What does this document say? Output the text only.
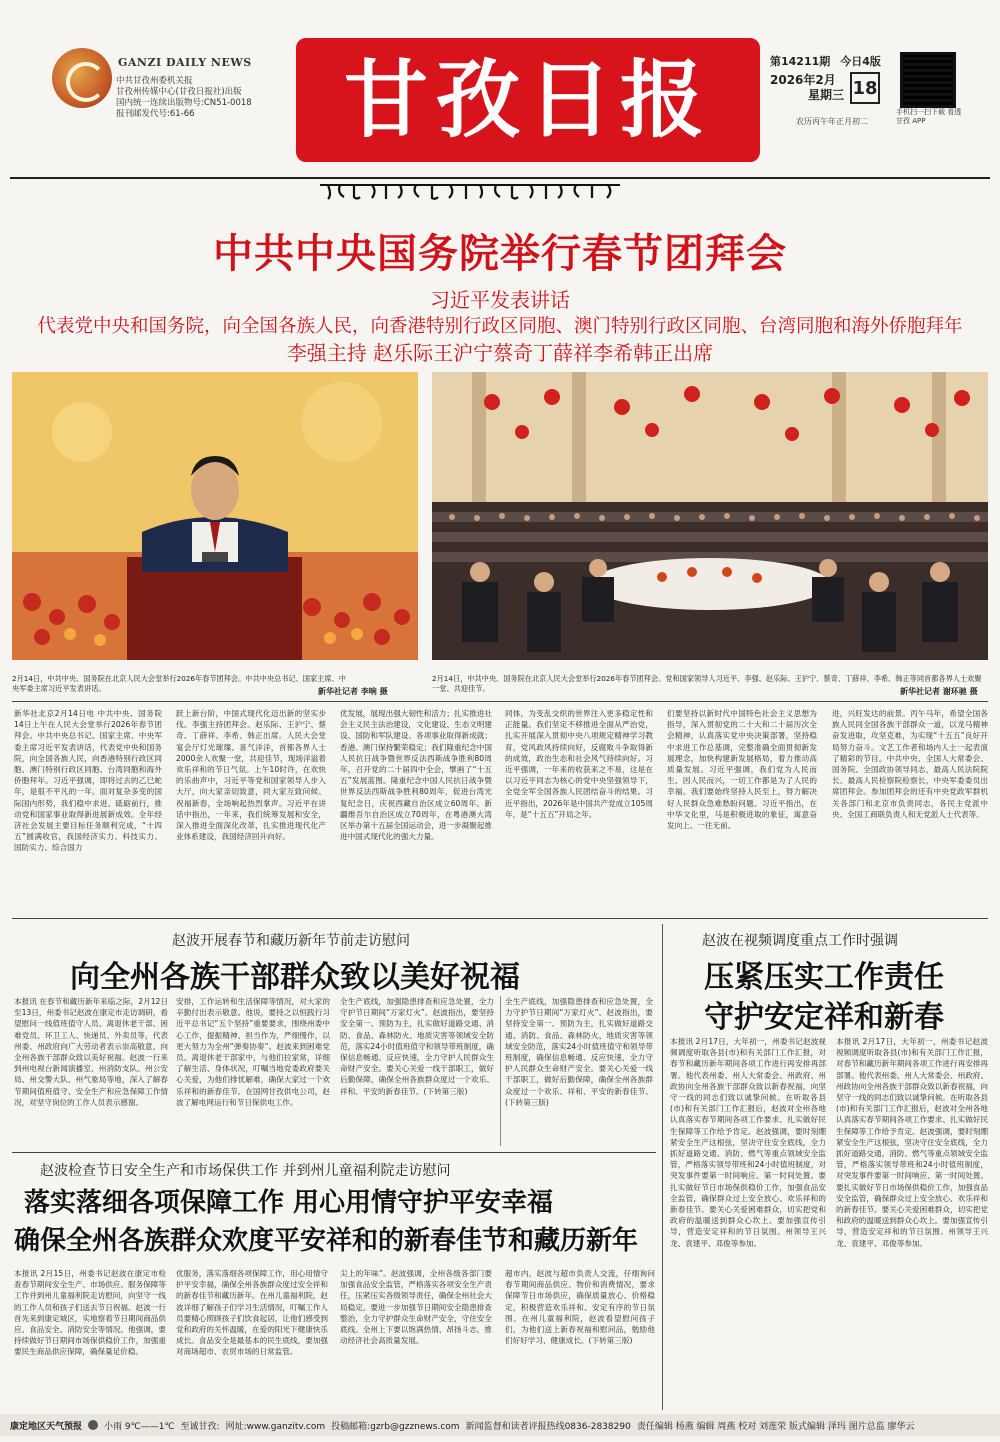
GANZI DAILY NEWS
中共甘孜州委机关报
甘孜州传媒中心(甘孜日报社)出版
国内统一连续出版物号:CN51-0018
报刊邮发代号:61-66	甘孜日报	第14211期 今日4版
2026年2月
星期三 18
农历丙午年正月初二
手机扫一扫下载 看透甘孜 APP
中共中央国务院举行春节团拜会
习近平发表讲话
代表党中央和国务院，向全国各族人民，向香港特别行政区同胞、澳门特别行政区同胞、台湾同胞和海外侨胞拜年
李强主持 赵乐际王沪宁蔡奇丁薛祥李希韩正出席
2月14日，中共中央、国务院在北京人民大会堂举行2026年春节团拜会。中共中央总书记、国家主席、中央军委主席习近平发表讲话。	新华社记者 李响 摄
2月14日，中共中央、国务院在北京人民大会堂举行2026年春节团拜会。党和国家领导人习近平、李强、赵乐际、王沪宁、蔡奇、丁薛祥、李希、韩正等同首都各界人士欢聚一堂、共迎佳节。	新华社记者 谢环驰 摄
新华社北京2月14日电 中共中央、国务院14日上午在人民大会堂举行2026年春节团拜会。中共中央总书记、国家主席、中央军委主席习近平发表讲话，代表党中央和国务院，向全国各族人民，向香港特别行政区同胞、澳门特别行政区同胞、台湾同胞和海外侨胞拜年。习近平强调，即将过去的乙巳蛇年，是很不平凡的一年。面对复杂多变的国际国内形势，我们稳中求进、砥砺前行，推动党和国家事业取得新进展新成效。全年经济社会发展主要目标任务顺利完成，“十四五”圆满收官，我国经济实力、科技实力、国防实力、综合国力
跃上新台阶，中国式现代化迈出新的坚实步伐。李强主持团拜会。赵乐际、王沪宁、蔡奇、丁薛祥、李希、韩正出席。人民大会堂宴会厅灯光璀璨、喜气洋洋，首都各界人士2000余人欢聚一堂，共迎佳节，现场洋溢着欢乐祥和的节日气氛。上午10时许，在欢快的乐曲声中，习近平等党和国家领导人步入大厅，向大家亲切致意，同大家互致问候、祝福新春，全场响起热烈掌声。习近平在讲话中指出，一年来，我们统筹发展和安全，深入推进全面深化改革，扎实推进现代化产业体系建设，我国经济回升向好。
优发展，展现出强大韧性和活力；扎实推进社会主义民主法治建设，文化建设、生态文明建设、国防和军队建设、各项事业取得新成就；香港、澳门保持繁荣稳定；我们隆重纪念中国人民抗日战争暨世界反法西斯战争胜利80周年，召开党的二十届四中全会，擘画了“十五五”发展蓝图。隆重纪念中国人民抗日战争暨世界反法西斯战争胜利80周年，促进台湾光复纪念日，庆祝西藏自治区成立60周年、新疆维吾尔自治区成立70周年，在粤港澳大湾区举办第十五届全国运动会，进一步凝聚起推进中国式现代化的强大力量。
同体，为变乱交织的世界注入更多稳定性和正能量。我们坚定不移推进全面从严治党，扎实开展深入贯彻中央八项规定精神学习教育，党风政风持续向好，反腐败斗争取得新的成效，政治生态和社会风气持续向好。习近平强调，一年来的收获来之不易，这是在以习近平同志为核心的党中央坚强领导下，全党全军全国各族人民团结奋斗的结果。习近平指出，2026年是中国共产党成立105周年，是“十五五”开局之年。
们要坚持以新时代中国特色社会主义思想为指导，深入贯彻党的二十大和二十届历次全会精神，认真落实党中央决策部署，坚持稳中求进工作总基调，完整准确全面贯彻新发展理念，加快构建新发展格局，着力推动高质量发展。习近平强调，我们党为人民而生、因人民而兴，一切工作都是为了人民的幸福。我们要始终坚持人民至上，努力解决好人民群众急难愁盼问题。习近平指出，在中华文化里，马是积极进取的象征，寓意奋发向上、一往无前。
进，兴旺发达的前景。丙午马年，希望全国各族人民同全国各族干部群众一道，以龙马精神奋发进取，攻坚克难，为实现“十五五”良好开局努力奋斗。文艺工作者和场内人士一起表演了精彩的节目。中共中央、全国人大常委会、国务院、全国政协领导同志，最高人民法院院长、最高人民检察院检察长，中央军委委员出席团拜会。参加团拜会的还有中央党政军群机关各部门和北京市负责同志，各民主党派中央、全国工商联负责人和无党派人士代表等。
赵波开展春节和藏历新年节前走访慰问
向全州各族干部群众致以美好祝福
本报讯 在春节和藏历新年来临之际，2月12日至13日，州委书记赵波在康定市走访调研，看望慰问一线值班值守人员、离退休老干部、困难党员、环卫工人、快递员、外卖员等，代表州委、州政府向广大劳动者表示崇高敬意，向全州各族干部群众致以美好祝福。赵波一行来到州电视台新闻演播室、州消防支队、州公安局、州交警大队、州气象局等地，深入了解春节期间值班值守、安全生产和应急保障工作情况，对坚守岗位的工作人员表示感谢。
安排，工作运转和生活保障等情况，对大家的辛勤付出表示敬意。他说，要持之以恒践行习近平总书记“五个坚持”重要要求，围绕州委中心工作，提振精神、担当作为，严细慢作，以更大努力为全州“弹奏协奏”。赵波来到困难党员、离退休老干部家中，与他们拉家常，详细了解生活、身体状况，叮嘱当地党委政府要关心关爱，为他们排忧解难，确保大家过一个欢乐祥和的新春佳节。在国网甘孜供电公司，赵波了解电网运行和节日保供电工作。
全生产底线，加强隐患排查和应急处置，全力守护节日期间“万家灯火”。赵波指出，要坚持安全第一、预防为主，扎实做好道路交通、消防、食品、森林防火、地质灾害等领域安全防范，落实24小时值班值守和领导带班制度，确保信息畅通、反应快速，全力守护人民群众生命财产安全。要关心关爱一线干部职工，做好后勤保障，确保全州各族群众度过一个欢乐、祥和、平安的新春佳节。(下转第三版)
全生产底线，加强隐患排查和应急处置，全力守护节日期间“万家灯火”。赵波指出，要坚持安全第一、预防为主，扎实做好道路交通、消防、食品、森林防火、地质灾害等领域安全防范，落实24小时值班值守和领导带班制度，确保信息畅通、反应快速，全力守护人民群众生命财产安全。要关心关爱一线干部职工，做好后勤保障，确保全州各族群众度过一个欢乐、祥和、平安的新春佳节。(下转第三版)
赵波在视频调度重点工作时强调
压紧压实工作责任
守护安定祥和新春
本报讯 2月17日，大年初一，州委书记赵波视频调度听取各县(市)和有关部门工作汇报，对春节和藏历新年期间各项工作进行再安排再部署。他代表州委、州人大常委会、州政府、州政协向全州各族干部群众致以新春祝福，向坚守一线的同志们致以诚挚问候。在听取各县(市)和有关部门工作汇报后，赵波对全州各地认真落实春节期间各项工作要求、扎实做好民生保障等工作给予肯定。赵波强调，要时刻绷紧安全生产这根弦，坚决守住安全底线，全力抓好道路交通、消防、燃气等重点领域安全监管，严格落实领导带班和24小时值班制度，对突发事件要第一时间响应、第一时间处置。要扎实做好节日市场保供稳价工作，加强食品安全监管，确保群众过上安全放心、欢乐祥和的新春佳节。要关心关爱困难群众，切实把党和政府的温暖送到群众心坎上。要加强宣传引导，营造安定祥和的节日氛围。州领导王兴龙、袁建平、邓俊等参加。
本报讯 2月17日，大年初一，州委书记赵波视频调度听取各县(市)和有关部门工作汇报，对春节和藏历新年期间各项工作进行再安排再部署。他代表州委、州人大常委会、州政府、州政协向全州各族干部群众致以新春祝福，向坚守一线的同志们致以诚挚问候。在听取各县(市)和有关部门工作汇报后，赵波对全州各地认真落实春节期间各项工作要求、扎实做好民生保障等工作给予肯定。赵波强调，要时刻绷紧安全生产这根弦，坚决守住安全底线，全力抓好道路交通、消防、燃气等重点领域安全监管，严格落实领导带班和24小时值班制度，对突发事件要第一时间响应、第一时间处置。要扎实做好节日市场保供稳价工作，加强食品安全监管，确保群众过上安全放心、欢乐祥和的新春佳节。要关心关爱困难群众，切实把党和政府的温暖送到群众心坎上。要加强宣传引导，营造安定祥和的节日氛围。州领导王兴龙、袁建平、邓俊等参加。
赵波检查节日安全生产和市场保供工作 并到州儿童福利院走访慰问
落实落细各项保障工作 用心用情守护平安幸福
确保全州各族群众欢度平安祥和的新春佳节和藏历新年
本报讯 2月15日，州委书记赵波在康定市检查春节期间安全生产、市场供应、服务保障等工作并到州儿童福利院走访慰问，向坚守一线的工作人员和孩子们送去节日祝福。赵波一行首先来到康定城区，实地察看节日期间商品供应、食品安全、消防安全等情况。他强调，要持续做好节日期间市场保供稳价工作，加强重要民生商品供应保障，确保量足价稳。
优服务，落实落细各项保障工作，用心用情守护平安幸福，确保全州各族群众度过安全祥和的新春佳节和藏历新年。在州儿童福利院，赵波详细了解孩子们学习生活情况，叮嘱工作人员要精心照顾孩子们饮食起居，让他们感受到党和政府的关怀温暖，在爱的阳光下健康快乐成长。食品安全是最基本的民生底线，要加强对商场超市、农贸市场的日常监管。
尖上的年味”。赵波强调，全州各级各部门要加强食品安全监管，严格落实各项安全生产责任，压紧压实各级领导责任，确保全州社会大局稳定。要进一步加强节日期间安全隐患排查整治，全力守护群众生命财产安全，守住安全底线。全州上下要以饱满热情、昂扬斗志，推动经济社会高质量发展。
超市内，赵波与超市负责人交流，仔细询问春节期间商品供应、物价和消费情况，要求保障节日市场供应，确保质量放心、价格稳定，积极营造欢乐祥和、安定有序的节日氛围。在州儿童福利院，赵波看望慰问孩子们，为他们送上新春祝福和慰问品，勉励他们好好学习、健康成长。(下转第三版)
康定地区天气预报 小雨 9℃——1℃ 至诚甘孜: 网址:www.ganzitv.com 投稿邮箱:gzrb@gzznews.com 新闻监督和读者评报热线0836-2838290 责任编辑 杨燕 编辑 周燕 校对 刘莲荣 版式编辑 泽玛 图片总监 廖华云
